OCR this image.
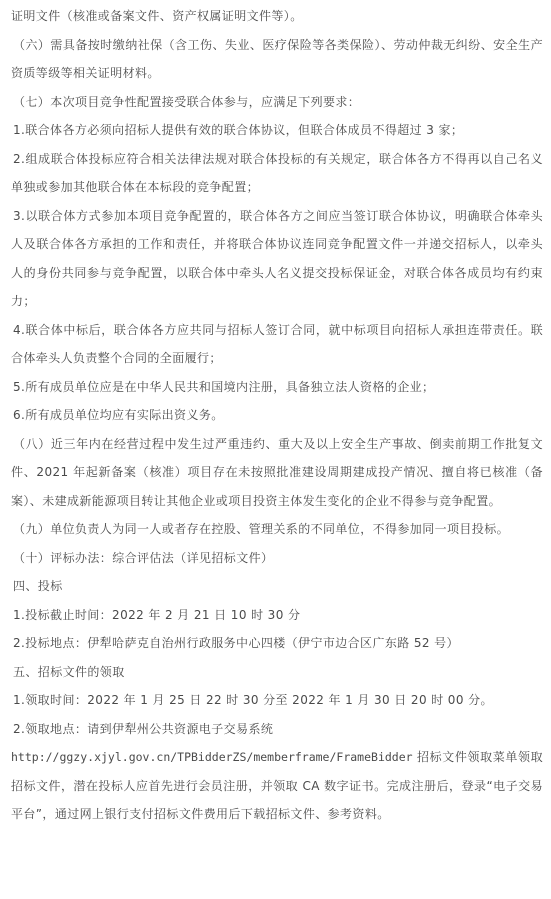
证明文件（核准或备案文件、资产权属证明文件等）。

（六）需具备按时缴纳社保（含工伤、失业、医疗保险等各类保险）、劳动仲裁无纠纷、安全生产资质等级等相关证明材料。

（七）本次项目竞争性配置接受联合体参与，应满足下列要求：

1.联合体各方必须向招标人提供有效的联合体协议，但联合体成员不得超过 3 家；

2.组成联合体投标应符合相关法律法规对联合体投标的有关规定，联合体各方不得再以自己名义单独或参加其他联合体在本标段的竞争配置；

3.以联合体方式参加本项目竞争配置的，联合体各方之间应当签订联合体协议，明确联合体牵头人及联合体各方承担的工作和责任，并将联合体协议连同竞争配置文件一并递交招标人，以牵头人的身份共同参与竞争配置，以联合体中牵头人名义提交投标保证金，对联合体各成员均有约束力；

4.联合体中标后，联合体各方应共同与招标人签订合同，就中标项目向招标人承担连带责任。联合体牵头人负责整个合同的全面履行；

5.所有成员单位应是在中华人民共和国境内注册，具备独立法人资格的企业；

6.所有成员单位均应有实际出资义务。

（八）近三年内在经营过程中发生过严重违约、重大及以上安全生产事故、倒卖前期工作批复文件、2021 年起新备案（核准）项目存在未按照批准建设周期建成投产情况、擅自将已核准（备案）、未建成新能源项目转让其他企业或项目投资主体发生变化的企业不得参与竞争配置。

（九）单位负责人为同一人或者存在控股、管理关系的不同单位，不得参加同一项目投标。

（十）评标办法：综合评估法（详见招标文件）

四、投标

1.投标截止时间：2022 年 2 月 21 日 10 时 30 分

2.投标地点：伊犁哈萨克自治州行政服务中心四楼（伊宁市边合区广东路 52 号）

五、招标文件的领取

1.领取时间：2022 年 1 月 25 日 22 时 30 分至 2022 年 1 月 30 日 20 时 00 分。

2.领取地点：请到伊犁州公共资源电子交易系统

http://ggzy.xjyl.gov.cn/TPBidderZS/memberframe/FrameBidder 招标文件领取菜单领取招标文件，潜在投标人应首先进行会员注册，并领取 CA 数字证书。完成注册后，登录“电子交易平台”，通过网上银行支付招标文件费用后下载招标文件、参考资料。
